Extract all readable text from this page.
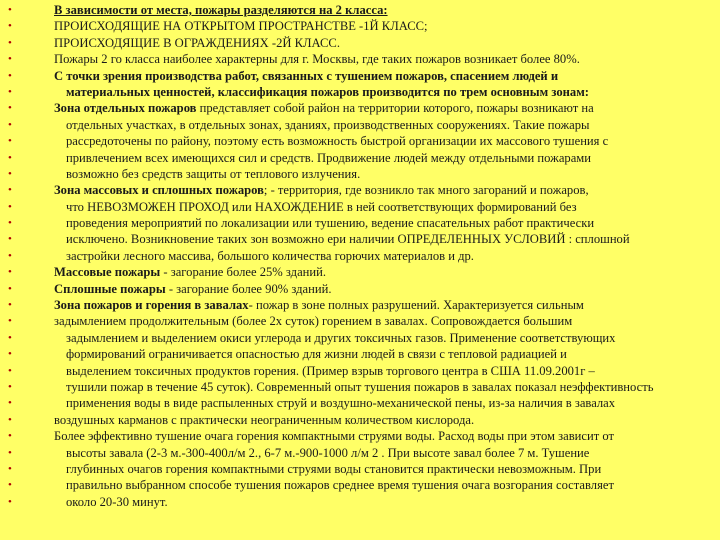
•	В зависимости от места, пожары разделяются на 2 класса:
•	ПРОИСХОДЯЩИЕ НА ОТКРЫТОМ ПРОСТРАНСТВЕ -1Й КЛАСС;
•	ПРОИСХОДЯЩИЕ В ОГРАЖДЕНИЯХ -2Й КЛАСС.
•	Пожары 2 го класса наиболее характерны для г. Москвы, где таких пожаров возникает более 80%.
•	С точки зрения производства работ, связанных с тушением пожаров, спасением людей и
•	материальных ценностей, классификация пожаров производится по трем основным зонам:
•	Зона отдельных пожаров представляет собой район на территории которого, пожары возникают на
•	отдельных участках, в отдельных зонах, зданиях, производственных сооружениях. Такие пожары
•	рассредоточены по району, поэтому есть возможность быстрой организации их массового тушения с
•	привлечением всех имеющихся сил и средств. Продвижение людей между отдельными пожарами
•	возможно без средств защиты от теплового излучения.
•	Зона массовых и сплошных пожаров; - территория, где возникло так много загораний и пожаров,
•	что НЕВОЗМОЖЕН ПРОХОД или НАХОЖДЕНИЕ в ней соответствующих формирований без
•	проведения мероприятий по локализации или тушению, ведение спасательных работ практически
•	исключено. Возникновение таких зон возможно ери наличии ОПРЕДЕЛЕННЫХ УСЛОВИЙ : сплошной
•	застройки лесного массива, большого количества горючих материалов и др.
•	Массовые пожары - загорание более 25% зданий.
•	Сплошные пожары - загорание более 90% зданий.
•	Зона пожаров и горения в завалах- пожар в зоне полных разрушений. Характеризуется сильным
•	задымлением продолжительным (более 2х суток) горением в завалах. Сопровождается большим
•	задымлением и выделением окиси углерода и других токсичных газов. Применение соответствующих
•	формирований ограничивается опасностью для жизни людей в связи с тепловой радиацией и
•	выделением токсичных продуктов горения. (Пример взрыв торгового центра в США 11.09.2001г –
•	тушили пожар в течение 45 суток). Современный опыт тушения пожаров в завалах показал неэффективность
•	применения воды в виде распыленных струй и воздушно-механической пены, из-за наличия в завалах
•	воздушных карманов с практически неограниченным количеством кислорода.
•	Более эффективно тушение очага горения компактными струями воды. Расход воды при этом зависит от
•	высоты завала (2-3 м.-300-400л/м 2., 6-7 м.-900-1000 л/м 2 . При высоте завал более 7 м. Тушение
•	глубинных очагов горения компактными струями воды становится практически невозможным. При
•	правильно выбранном способе тушения пожаров среднее время тушения очага возгорания составляет
•	около 20-30 минут.
